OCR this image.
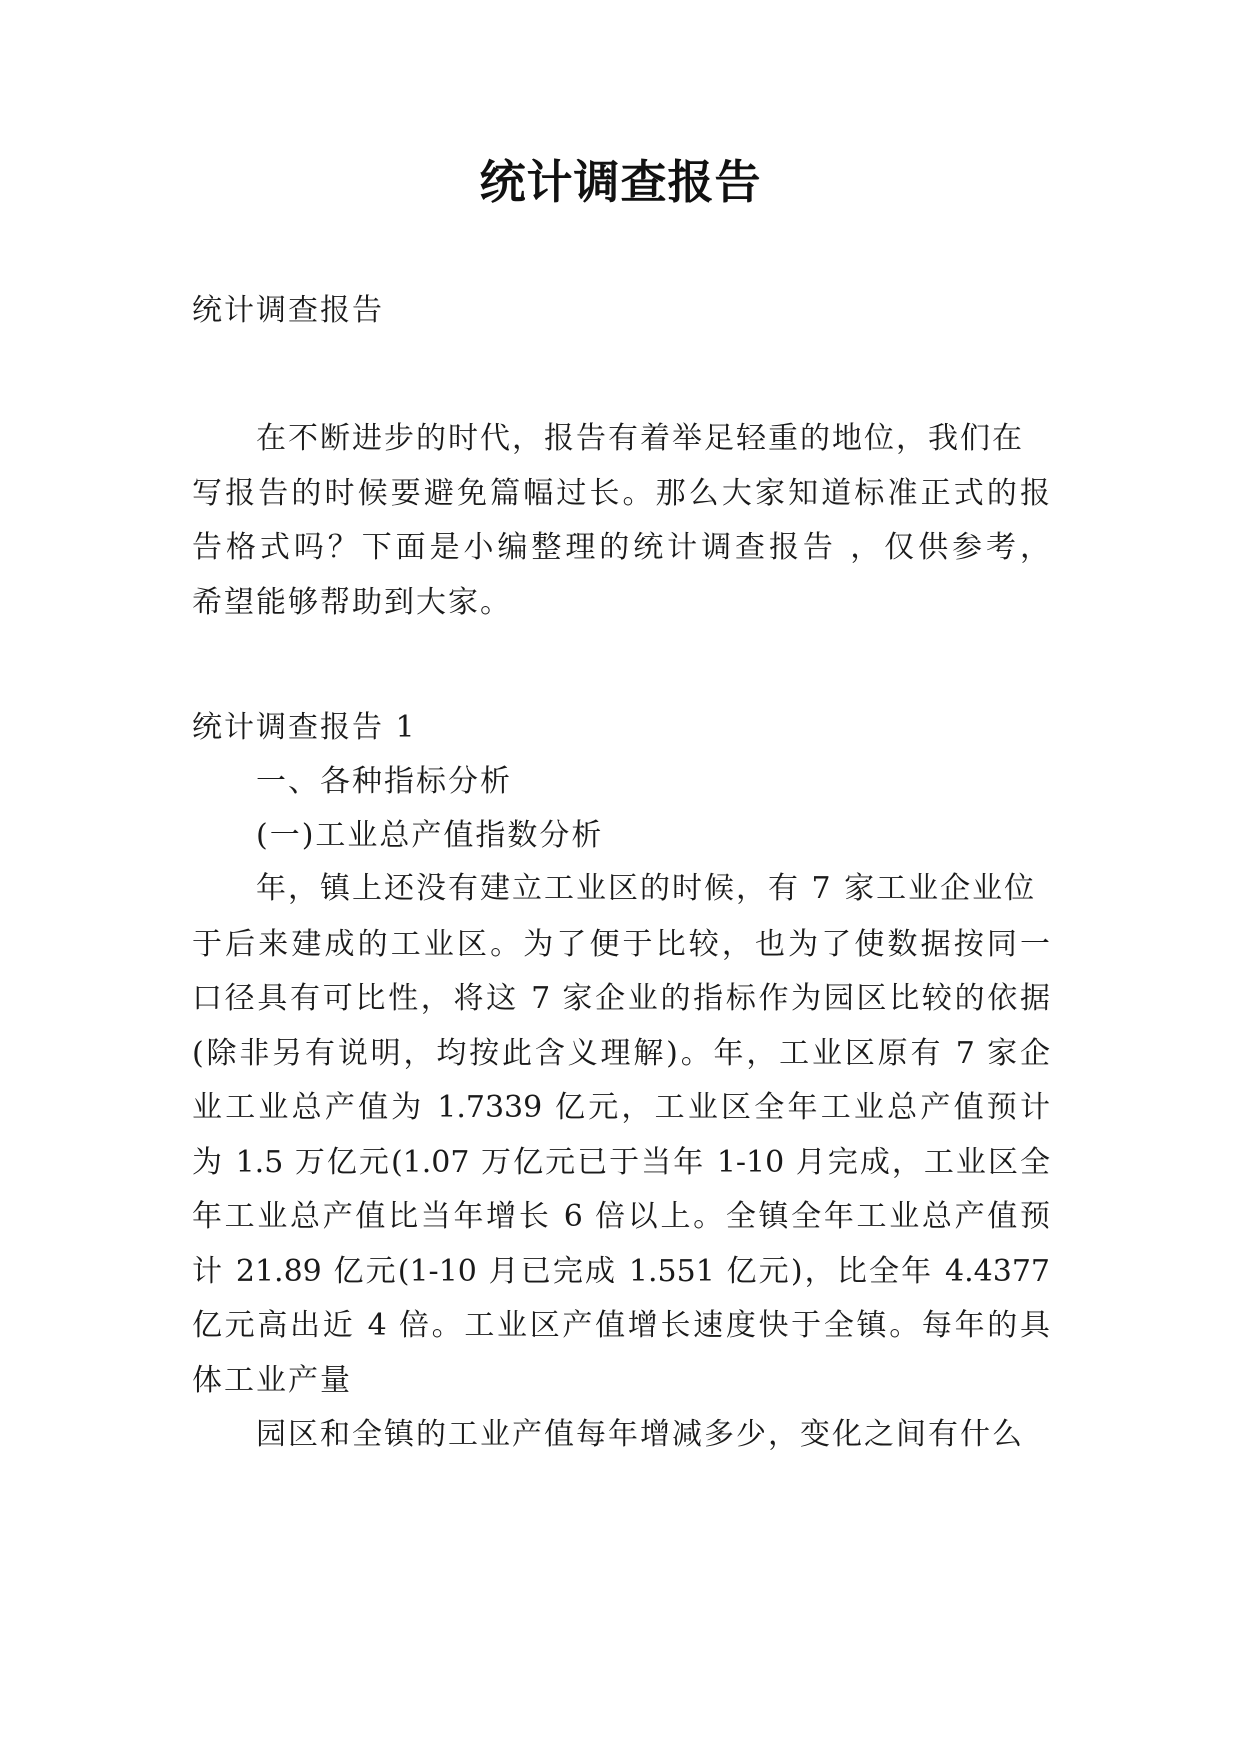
统计调查报告
统计调查报告
在不断进步的时代，报告有着举足轻重的地位，我们在
写报告的时候要避免篇幅过长。那么大家知道标准正式的报
告格式吗？下面是小编整理的统计调查报告 ，仅供参考，
希望能够帮助到大家。
统计调查报告 1
一、各种指标分析
(一)工业总产值指数分析
年，镇上还没有建立工业区的时候，有 7 家工业企业位
于后来建成的工业区。为了便于比较，也为了使数据按同一
口径具有可比性，将这 7 家企业的指标作为园区比较的依据
(除非另有说明，均按此含义理解)。年，工业区原有 7 家企
业工业总产值为 1.7339 亿元，工业区全年工业总产值预计
为 1.5 万亿元(1.07 万亿元已于当年 1-10 月完成，工业区全
年工业总产值比当年增长 6 倍以上。全镇全年工业总产值预
计 21.89 亿元(1-10 月已完成 1.551 亿元)，比全年 4.4377
亿元高出近 4 倍。工业区产值增长速度快于全镇。每年的具
体工业产量
园区和全镇的工业产值每年增减多少，变化之间有什么
